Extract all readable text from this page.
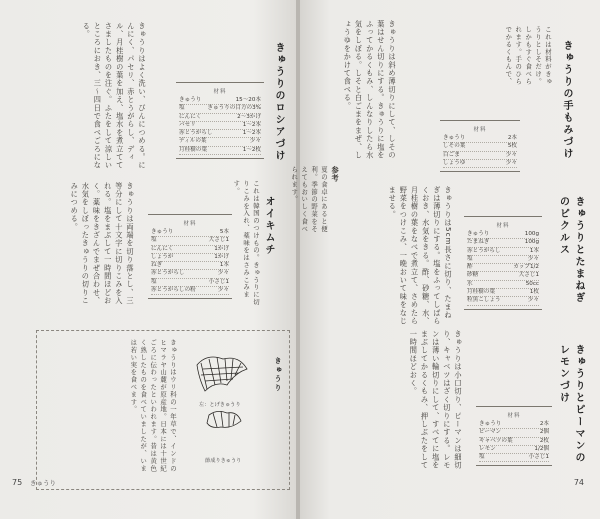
きゅうりのロシアづけ
材料
きゅうり	15～20本
塩	きゅうりの目方の3%
にんにく	2～3かけ
パセリ	1～2本
赤とうがらし	1～2本
ディルの葉	少々
月桂樹の葉	1～2枚
きゅうりはよく洗い、びんにつめる。にんにく、パセリ、赤とうがらし、ディル、月桂樹の葉を加え、塩水を煮立ててさましたものを注ぐ。ふたをして涼しいところにおき、三～四日で食べごろになる。
オイキムチ
これは韓国のつけもの。きゅうりに切りこみを入れ、薬味をはさみこみます。
材料
きゅうり	5本
塩	大さじ1
にんにく	1かけ
しょうが	1かけ
ねぎ	1本
赤とうがらし	少々
塩	小さじ1
赤とうがらしの粉	少々
きゅうりは両端を切り落とし、三等分にして十文字に切りこみを入れる。塩をまぶして一時間ほどおく。薬味をきざんでまぜ合わせ、水気をしぼったきゅうりの切りこみにつめる。
きゅうり
左：とげきゅうり
節成りきゅうり
きゅうりはウリ科の一年草で、インドのヒマラヤ山麓が原産地。日本には十世紀ごろに伝わったといわれます。昔は黄色く熟したものを食べていましたが、いまは若い実を食べます。
75 きゅうり
きゅうりの手もみづけ
これは材料がきゅうりとしそだけ。しかもすぐ食べられます。手のひらでかるくもんで、
材料
きゅうり	2本
しその葉	5枚
白ごま	少々
しょうゆ	少々
きゅうりは斜め薄切りにして、しその葉はせん切りにする。きゅうりに塩をふってかるくもみ、しんなりしたら水気をしぼる。しそと白ごまをまぜ、しょうゆをかけて食べる。
参考
夏の食卓にあると便利。季節の野菜をそえてもおいしく食べられます。
きゅうりとたまねぎのピクルス
材料
きゅうり	100g
たまねぎ	100g
赤とうがらし	1本
塩	少々
酢	カップ1/2
砂糖	大さじ1
水	50cc
月桂樹の葉	1枚
粒黒こしょう	少々
きゅうりは5cm長さに切り、たまねぎは薄切りにする。塩をふってしばらくおき、水気をきる。酢、砂糖、水、月桂樹の葉をなべで煮立て、さめたら野菜をつけこみ、一晩おいて味をなじませる。
きゅうりとピーマンのレモンづけ
材料
きゅうり	2本
ピーマン	2個
キャベツの葉	2枚
レモン	1/2個
塩	小さじ1
きゅうりは小口切り、ピーマンは細切り、キャベツはざく切りにする。レモンは薄い輪切りにして、すべてに塩をまぶしてかるくもみ、押しぶたをして一時間ほどおく。
74
